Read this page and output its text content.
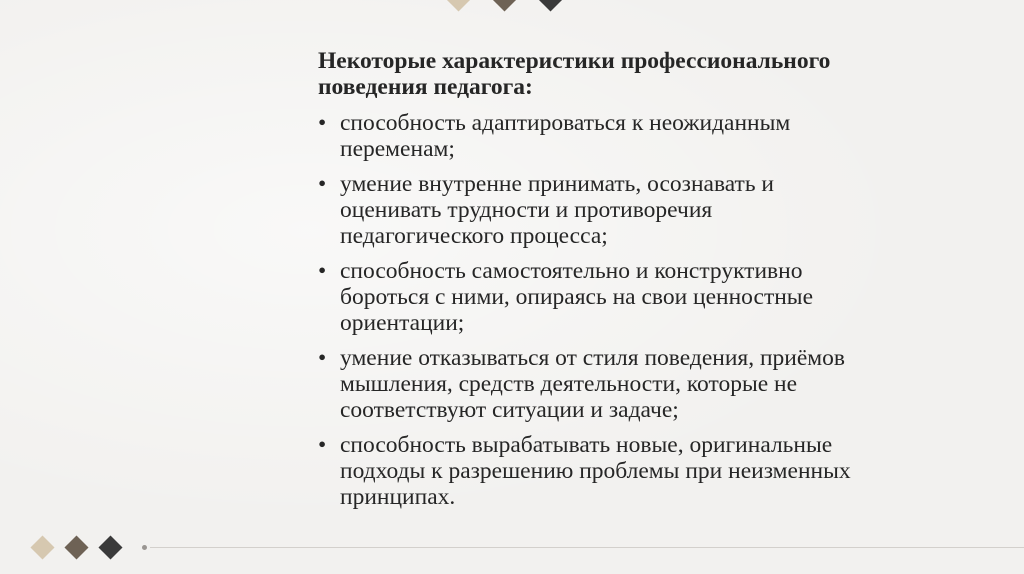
Некоторые характеристики профессионального
поведения педагога:
• способность адаптироваться к неожиданным
переменам;
• умение внутренне принимать, осознавать и
оценивать трудности и противоречия
педагогического процесса;
• способность самостоятельно и конструктивно
бороться с ними, опираясь на свои ценностные
ориентации;
• умение отказываться от стиля поведения, приёмов
мышления, средств деятельности, которые не
соответствуют ситуации и задаче;
• способность вырабатывать новые, оригинальные
подходы к разрешению проблемы при неизменных
принципах.
